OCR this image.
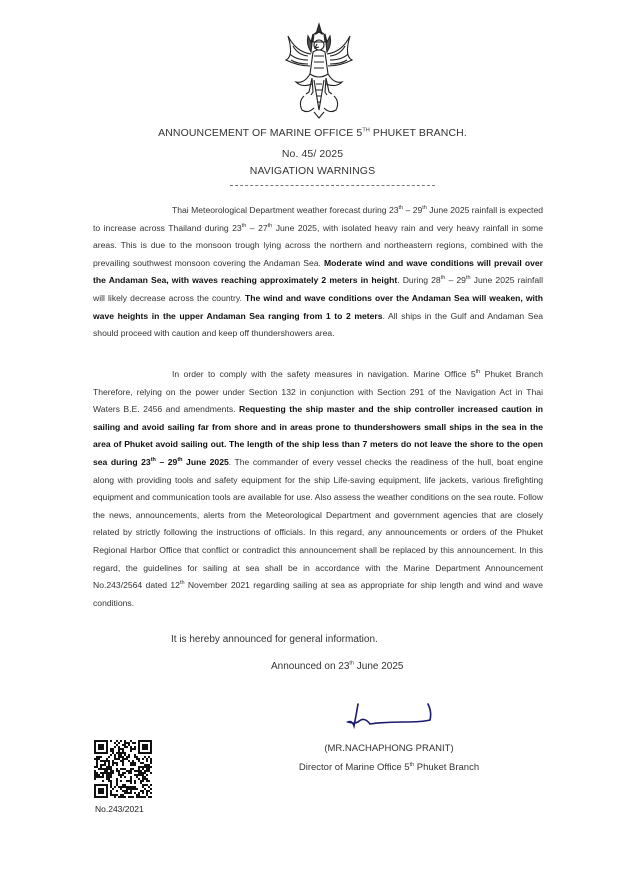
ANNOUNCEMENT OF MARINE OFFICE 5TH PHUKET BRANCH.
No. 45/ 2025
NAVIGATION WARNINGS

Thai Meteorological Department weather forecast during 23th – 29th June 2025 rainfall is expected to increase across Thailand during 23th – 27th June 2025, with isolated heavy rain and very heavy rainfall in some areas. This is due to the monsoon trough lying across the northern and northeastern regions, combined with the prevailing southwest monsoon covering the Andaman Sea. Moderate wind and wave conditions will prevail over the Andaman Sea, with waves reaching approximately 2 meters in height. During 28th – 29th June 2025 rainfall will likely decrease across the country. The wind and wave conditions over the Andaman Sea will weaken, with wave heights in the upper Andaman Sea ranging from 1 to 2 meters. All ships in the Gulf and Andaman Sea should proceed with caution and keep off thundershowers area.

In order to comply with the safety measures in navigation. Marine Office 5th Phuket Branch Therefore, relying on the power under Section 132 in conjunction with Section 291 of the Navigation Act in Thai Waters B.E. 2456 and amendments. Requesting the ship master and the ship controller increased caution in sailing and avoid sailing far from shore and in areas prone to thundershowers small ships in the sea in the area of Phuket avoid sailing out. The length of the ship less than 7 meters do not leave the shore to the open sea during 23th – 29th June 2025. The commander of every vessel checks the readiness of the hull, boat engine along with providing tools and safety equipment for the ship Life-saving equipment, life jackets, various firefighting equipment and communication tools are available for use. Also assess the weather conditions on the sea route. Follow the news, announcements, alerts from the Meteorological Department and government agencies that are closely related by strictly following the instructions of officials. In this regard, any announcements or orders of the Phuket Regional Harbor Office that conflict or contradict this announcement shall be replaced by this announcement. In this regard, the guidelines for sailing at sea shall be in accordance with the Marine Department Announcement No.243/2564 dated 12th November 2021 regarding sailing at sea as appropriate for ship length and wind and wave conditions.

It is hereby announced for general information.
Announced on 23th June 2025
(MR.NACHAPHONG PRANIT)
Director of Marine Office 5th Phuket Branch
No.243/2021
